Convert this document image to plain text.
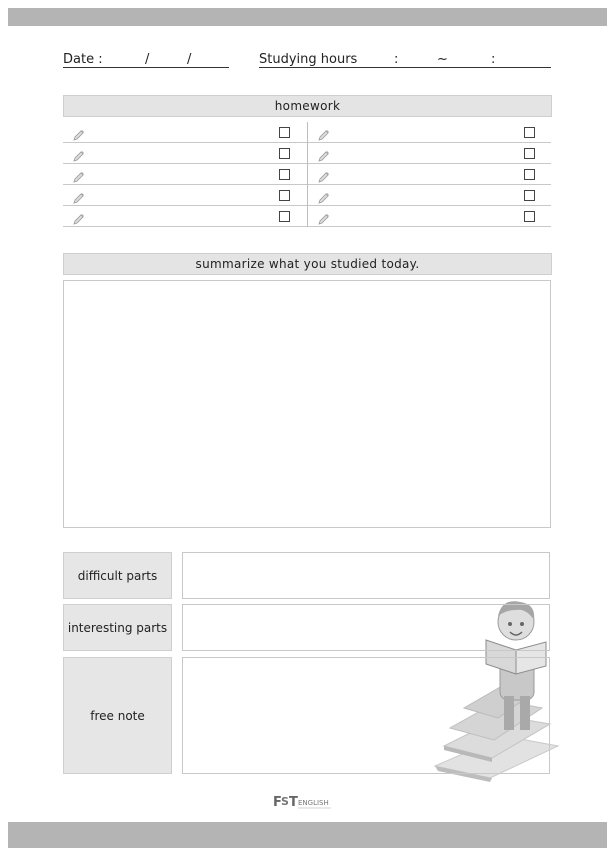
Date :	/	/	Studying hours	:	~	:
homework
summarize what you studied today.
difficult parts
interesting parts
free note
F S T ENGLISH
